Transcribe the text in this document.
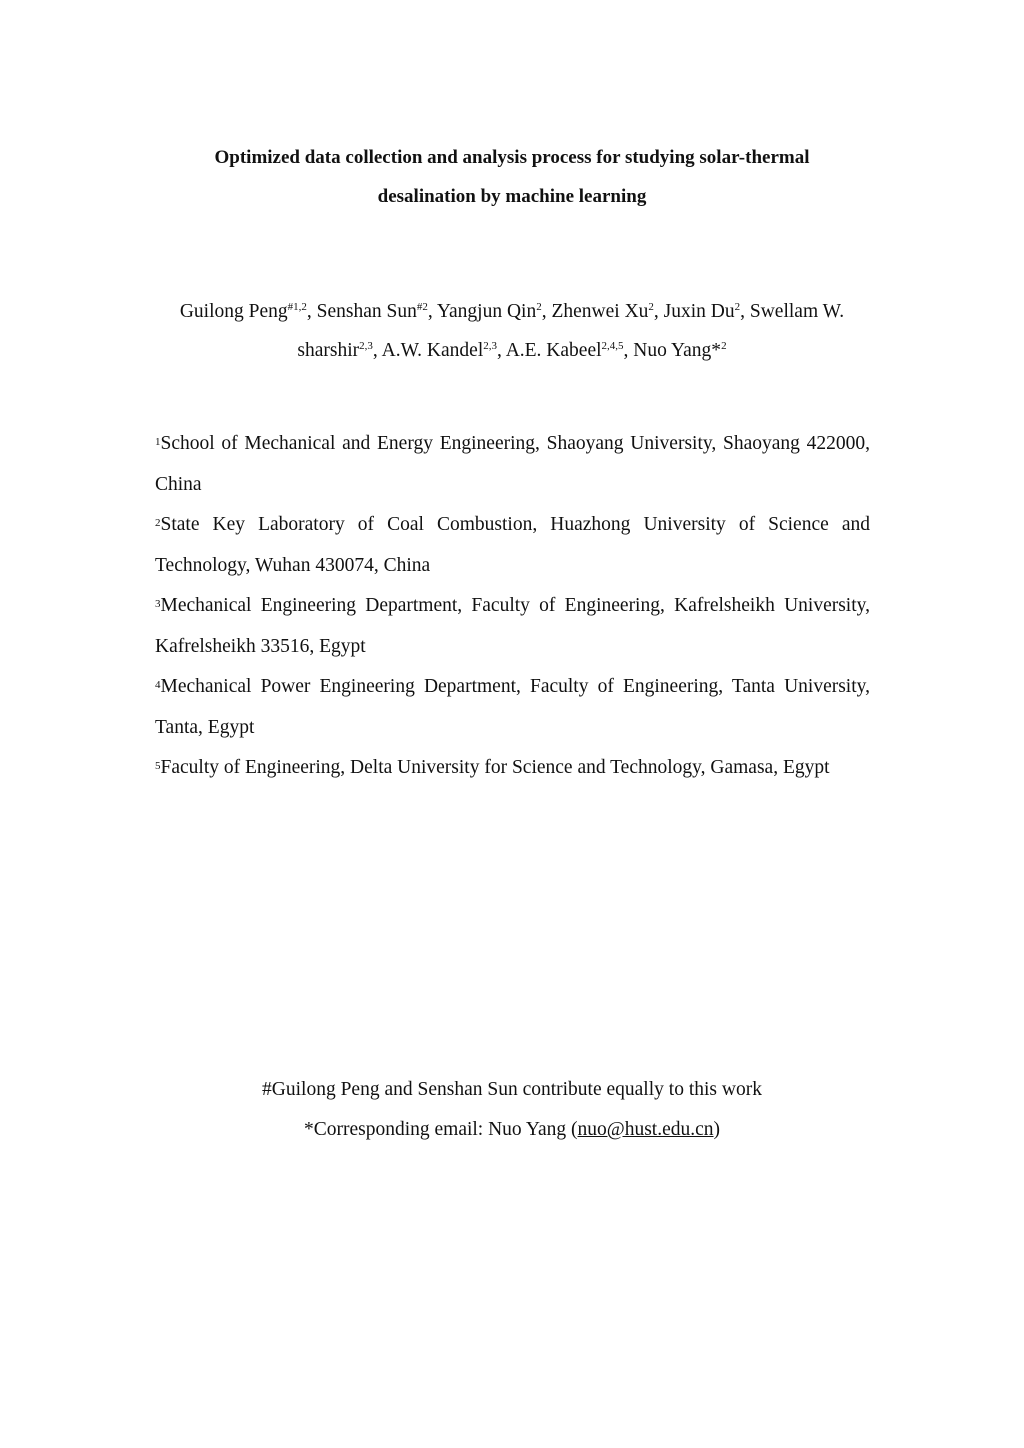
Optimized data collection and analysis process for studying solar-thermal
desalination by machine learning
Guilong Peng$^{\#1,2}$, Senshan Sun$^{\#2}$, Yangjun Qin$^2$, Zhenwei Xu$^2$, Juxin Du$^2$, Swellam W. sharshir$^{2,3}$, A.W. Kandel$^{2,3}$, A.E. Kabeel$^{2,4,5}$, Nuo Yang*$^2$

$^1$School of Mechanical and Energy Engineering, Shaoyang University, Shaoyang 422000, China

$^2$State Key Laboratory of Coal Combustion, Huazhong University of Science and Technology, Wuhan 430074, China

$^3$Mechanical Engineering Department, Faculty of Engineering, Kafrelsheikh University, Kafrelsheikh 33516, Egypt

$^4$Mechanical Power Engineering Department, Faculty of Engineering, Tanta University, Tanta, Egypt

$^5$Faculty of Engineering, Delta University for Science and Technology, Gamasa, Egypt

#Guilong Peng and Senshan Sun contribute equally to this work
*Corresponding email: Nuo Yang (nuo@hust.edu.cn)
